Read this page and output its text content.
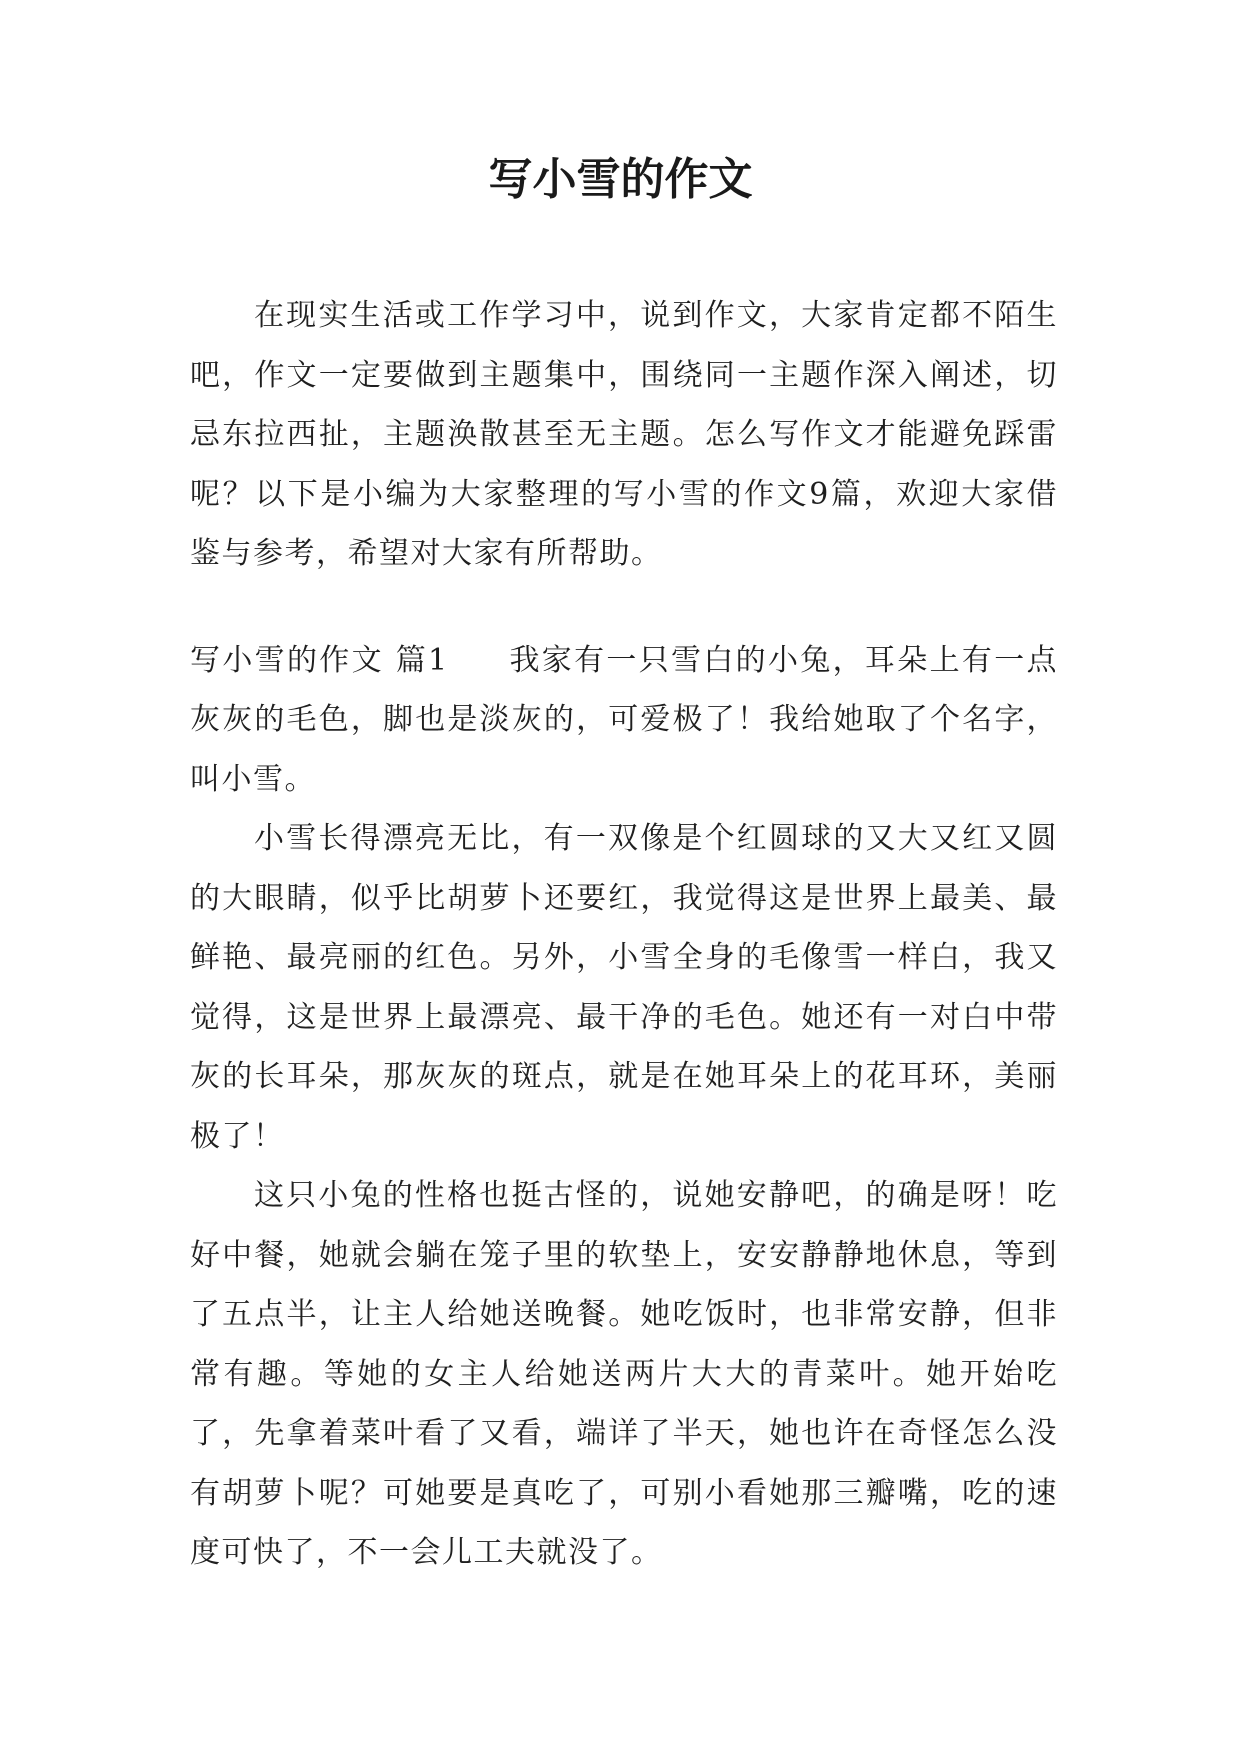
写小雪的作文

在现实生活或工作学习中，说到作文，大家肯定都不陌生吧，作文一定要做到主题集中，围绕同一主题作深入阐述，切忌东拉西扯，主题涣散甚至无主题。怎么写作文才能避免踩雷呢？以下是小编为大家整理的写小雪的作文9篇，欢迎大家借鉴与参考，希望对大家有所帮助。

写小雪的作文 篇1 我家有一只雪白的小兔，耳朵上有一点灰灰的毛色，脚也是淡灰的，可爱极了！我给她取了个名字，叫小雪。

小雪长得漂亮无比，有一双像是个红圆球的又大又红又圆的大眼睛，似乎比胡萝卜还要红，我觉得这是世界上最美、最鲜艳、最亮丽的红色。另外，小雪全身的毛像雪一样白，我又觉得，这是世界上最漂亮、最干净的毛色。她还有一对白中带灰的长耳朵，那灰灰的斑点，就是在她耳朵上的花耳环，美丽极了！

这只小兔的性格也挺古怪的，说她安静吧，的确是呀！吃好中餐，她就会躺在笼子里的软垫上，安安静静地休息，等到了五点半，让主人给她送晚餐。她吃饭时，也非常安静，但非常有趣。等她的女主人给她送两片大大的青菜叶。她开始吃了，先拿着菜叶看了又看，端详了半天，她也许在奇怪怎么没有胡萝卜呢？可她要是真吃了，可别小看她那三瓣嘴，吃的速度可快了，不一会儿工夫就没了。
